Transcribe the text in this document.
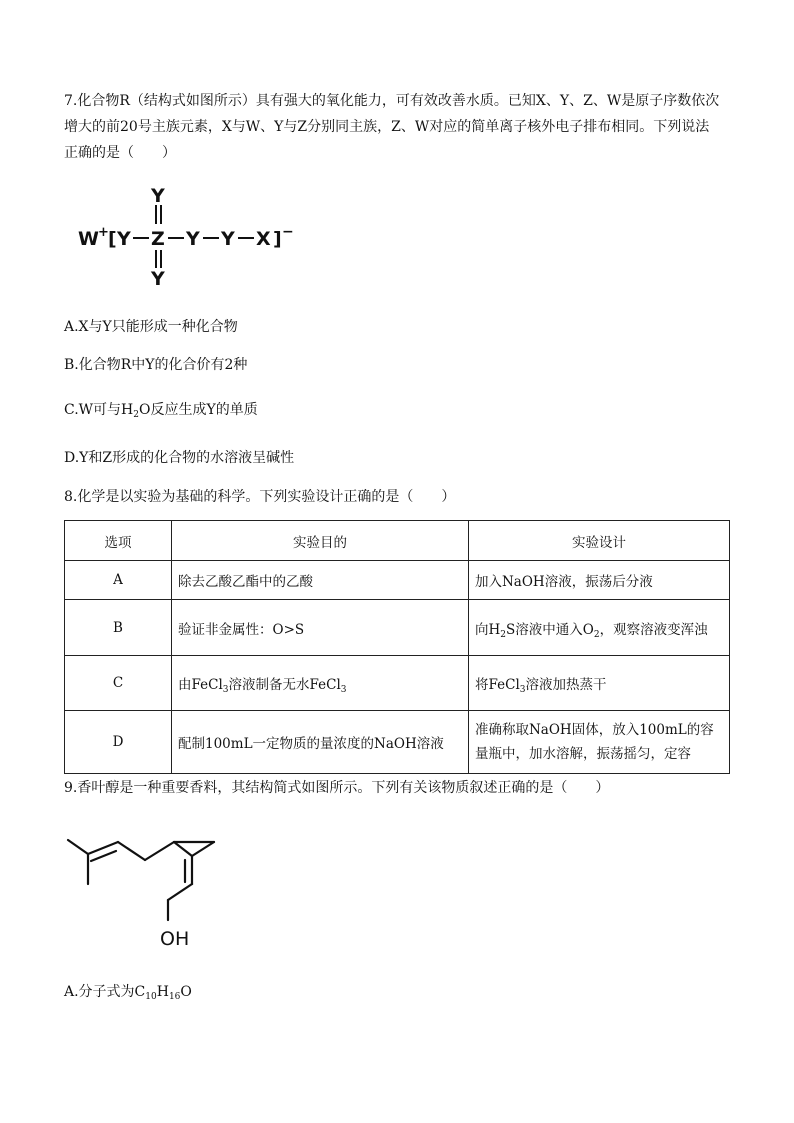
7.化合物R（结构式如图所示）具有强大的氧化能力，可有效改善水质。已知X、Y、Z、W是原子序数依次
增大的前20号主族元素，X与W、Y与Z分别同主族，Z、W对应的简单离子核外电子排布相同。下列说法
正确的是（　　）
W + [ Y Z
Y
Y
Y Y X ] −
A.X与Y只能形成一种化合物
B.化合物R中Y的化合价有2种
C.W可与$H_2O$反应生成Y的单质
D.Y和Z形成的化合物的水溶液呈碱性
8.化学是以实验为基础的科学。下列实验设计正确的是（　　）
选项	实验目的	实验设计
A	除去乙酸乙酯中的乙酸	加入NaOH溶液，振荡后分液
B	验证非金属性：O>S	向$H_2S$溶液中通入$O_2$，观察溶液变浑浊
C	由FeCl$_3$溶液制备无水FeCl$_3$	将FeCl$_3$溶液加热蒸干
D	配制100mL一定物质的量浓度的NaOH溶液	准确称取NaOH固体，放入100mL的容
量瓶中，加水溶解，振荡摇匀，定容
9.香叶醇是一种重要香料，其结构简式如图所示。下列有关该物质叙述正确的是（　　）
OH
A.分子式为$C_{10}H_{16}O$
